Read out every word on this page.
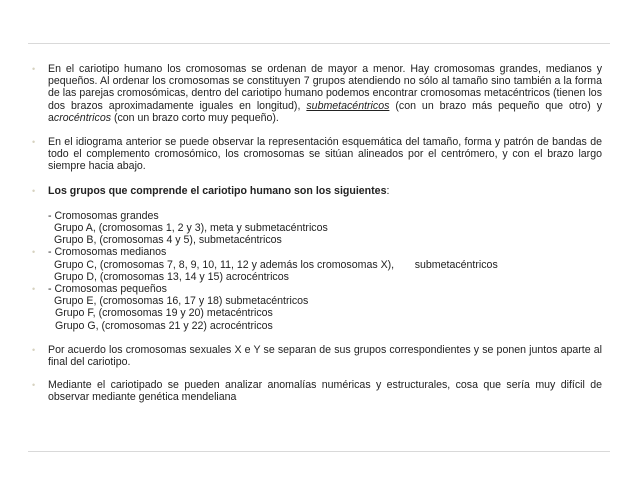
• En el cariotipo humano los cromosomas se ordenan de mayor a menor. Hay cromosomas grandes, medianos y pequeños. Al ordenar los cromosomas se constituyen 7 grupos atendiendo no sólo al tamaño sino también a la forma de las parejas cromosómicas, dentro del cariotipo humano podemos encontrar cromosomas metacéntricos (tienen los dos brazos aproximadamente iguales en longitud), submetacéntricos (con un brazo más pequeño que otro) y acrocéntricos (con un brazo corto muy pequeño).

• En el idiograma anterior se puede observar la representación esquemática del tamaño, forma y patrón de bandas de todo el complemento cromosómico, los cromosomas se sitúan alineados por el centrómero, y con el brazo largo siempre hacia abajo.

• Los grupos que comprende el cariotipo humano son los siguientes:

- Cromosomas grandes
Grupo A, (cromosomas 1, 2 y 3), meta y submetacéntricos
Grupo B, (cromosomas 4 y 5), submetacéntricos
• - Cromosomas medianos
Grupo C, (cromosomas 7, 8, 9, 10, 11, 12 y además los cromosomas X),       submetacéntricos
Grupo D, (cromosomas 13, 14 y 15) acrocéntricos
• - Cromosomas pequeños
Grupo E, (cromosomas 16, 17 y 18) submetacéntricos
Grupo F, (cromosomas 19 y 20) metacéntricos
Grupo G, (cromosomas 21 y 22) acrocéntricos

• Por acuerdo los cromosomas sexuales X e Y se separan de sus grupos correspondientes y se ponen juntos aparte al final del cariotipo.

• Mediante el cariotipado se pueden analizar anomalías numéricas y estructurales, cosa que sería muy difícil de observar mediante genética mendeliana
